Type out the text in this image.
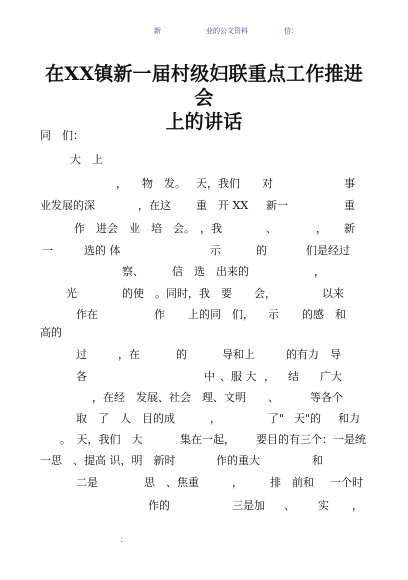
新	业的公文资料	信：
在XX镇新一届村级妇联重点工作推进会
上的讲话
同　们：
大　上
， 物　发。 天，我们 对	事
业发展的深	，在这 重　开 XX 新一	重
作　进会　业　培　会。 ，我	、	， 新
一	选的 体	示	的	们是经过
察、	信　选　出来的	，
光	的使　。同时，我　要 会，	以来
作在	作 上的同　们， 示 的感　和
高的
过	，在	的	导和上	的有力　导
各	中 、服 大 ， 结 广大
，在经　发展、社会　理、文明 、	等各个
取　了　人　目的成	，	了" 天"的 和力
。　天，我们　大	集在一起， 要目的有三个：一是统
一思　、提高 识，明　新时	作的重大	和
二是	思　、焦重	， 排　前和 一个时
作的	三是加 、 实 ，
：
